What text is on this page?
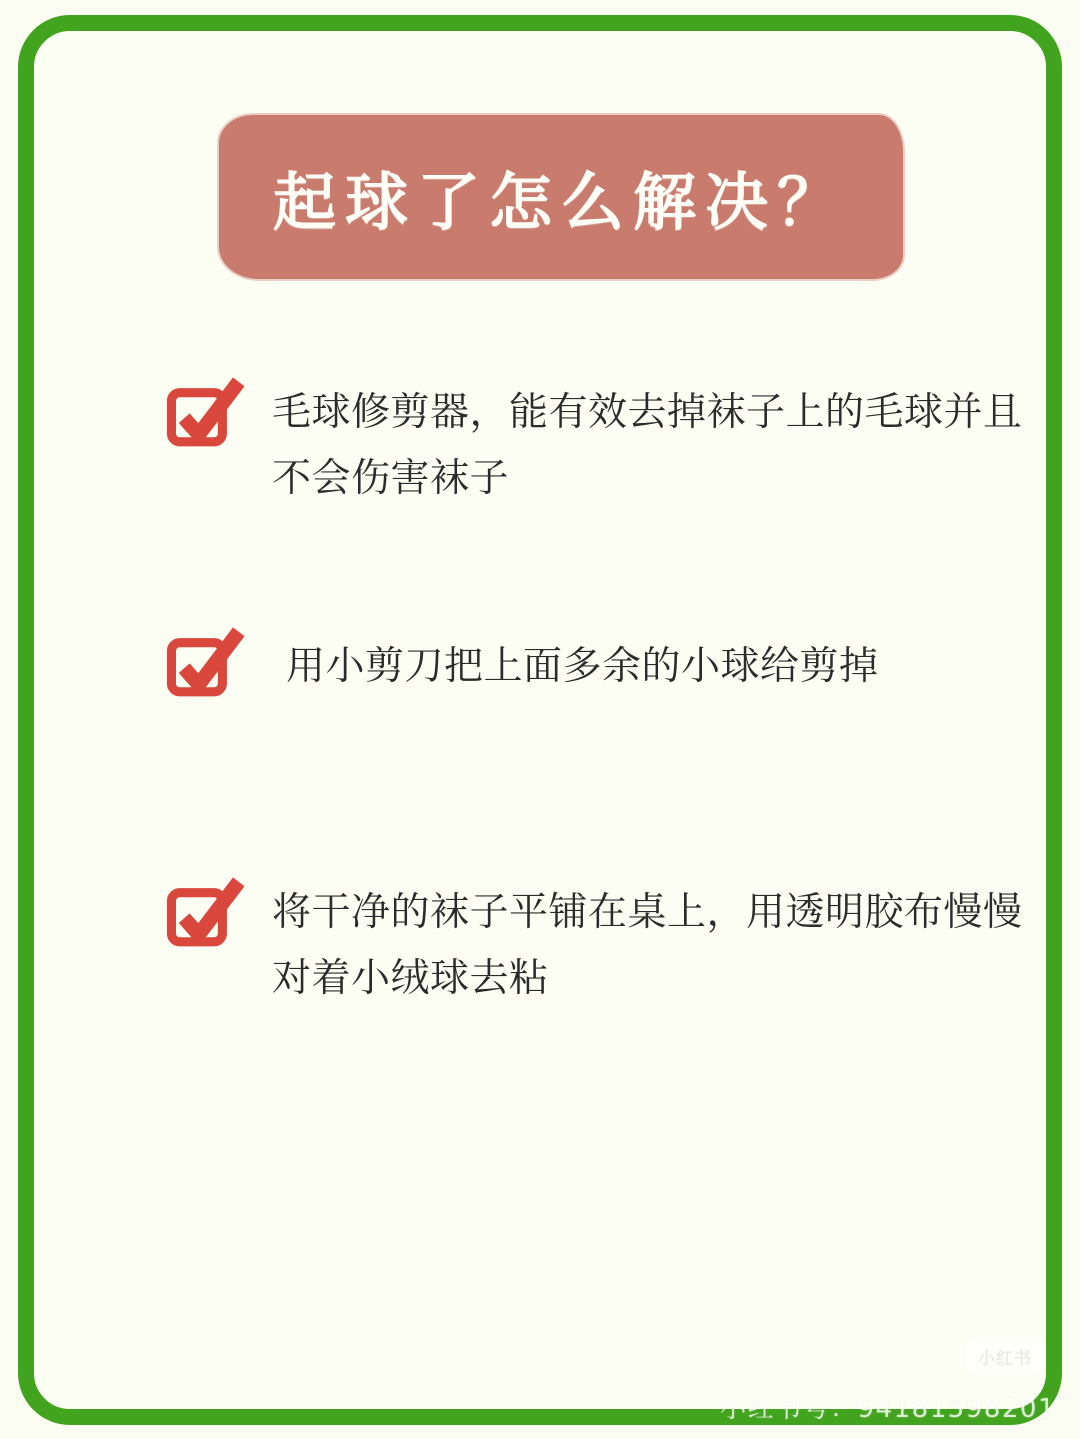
起球了怎么解决？
毛球修剪器，能有效去掉袜子上的毛球并且
不会伤害袜子
用小剪刀把上面多余的小球给剪掉
将干净的袜子平铺在桌上，用透明胶布慢慢
对着小绒球去粘
小红书
小红书号：94181598201
